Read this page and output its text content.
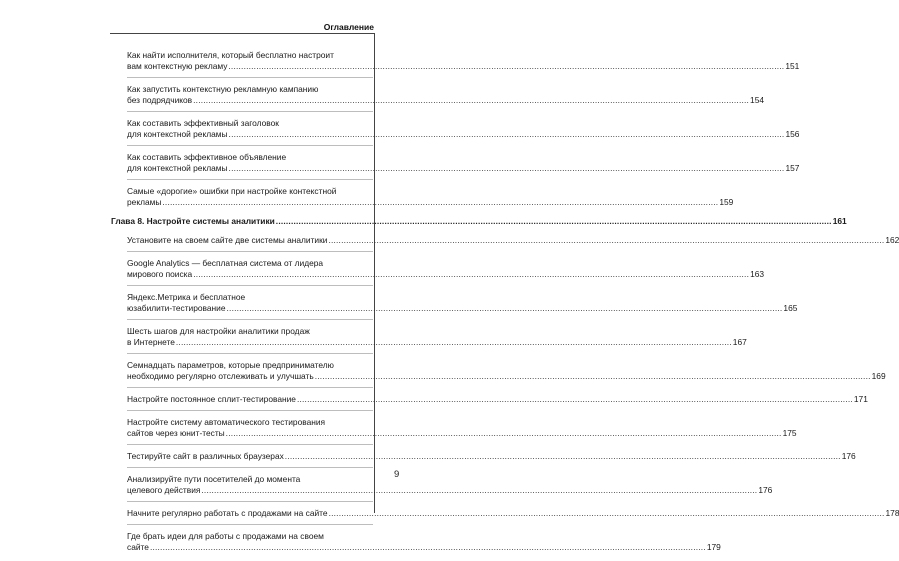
Оглавление
Как найти исполнителя, который бесплатно настроит
вам контекстную рекламу ............................................................................................................................................................................................................................ 151
Как запустить контекстную рекламную кампанию
без подрядчиков ............................................................................................................................................................................................................................ 154
Как составить эффективный заголовок
для контекстной рекламы ............................................................................................................................................................................................................................ 156
Как составить эффективное объявление
для контекстной рекламы ............................................................................................................................................................................................................................ 157
Самые «дорогие» ошибки при настройке контекстной
рекламы ............................................................................................................................................................................................................................ 159
Глава 8. Настройте системы аналитики ............................................................................................................................................................................................................................ 161
Установите на своем сайте две системы аналитики ............................................................................................................................................................................................................................ 162
Google Analytics — бесплатная система от лидера
мирового поиска ............................................................................................................................................................................................................................ 163
Яндекс.Метрика и бесплатное
юзабилити-тестирование ............................................................................................................................................................................................................................ 165
Шесть шагов для настройки аналитики продаж
в Интернете ............................................................................................................................................................................................................................ 167
Семнадцать параметров, которые предпринимателю
необходимо регулярно отслеживать и улучшать ............................................................................................................................................................................................................................ 169
Настройте постоянное сплит-тестирование ............................................................................................................................................................................................................................ 171
Настройте систему автоматического тестирования
сайтов через юнит-тесты ............................................................................................................................................................................................................................ 175
Тестируйте сайт в различных браузерах ............................................................................................................................................................................................................................ 176
Анализируйте пути посетителей до момента
целевого действия ............................................................................................................................................................................................................................ 176
Начните регулярно работать с продажами на сайте ............................................................................................................................................................................................................................ 178
Где брать идеи для работы с продажами на своем
сайте ............................................................................................................................................................................................................................ 179
9
